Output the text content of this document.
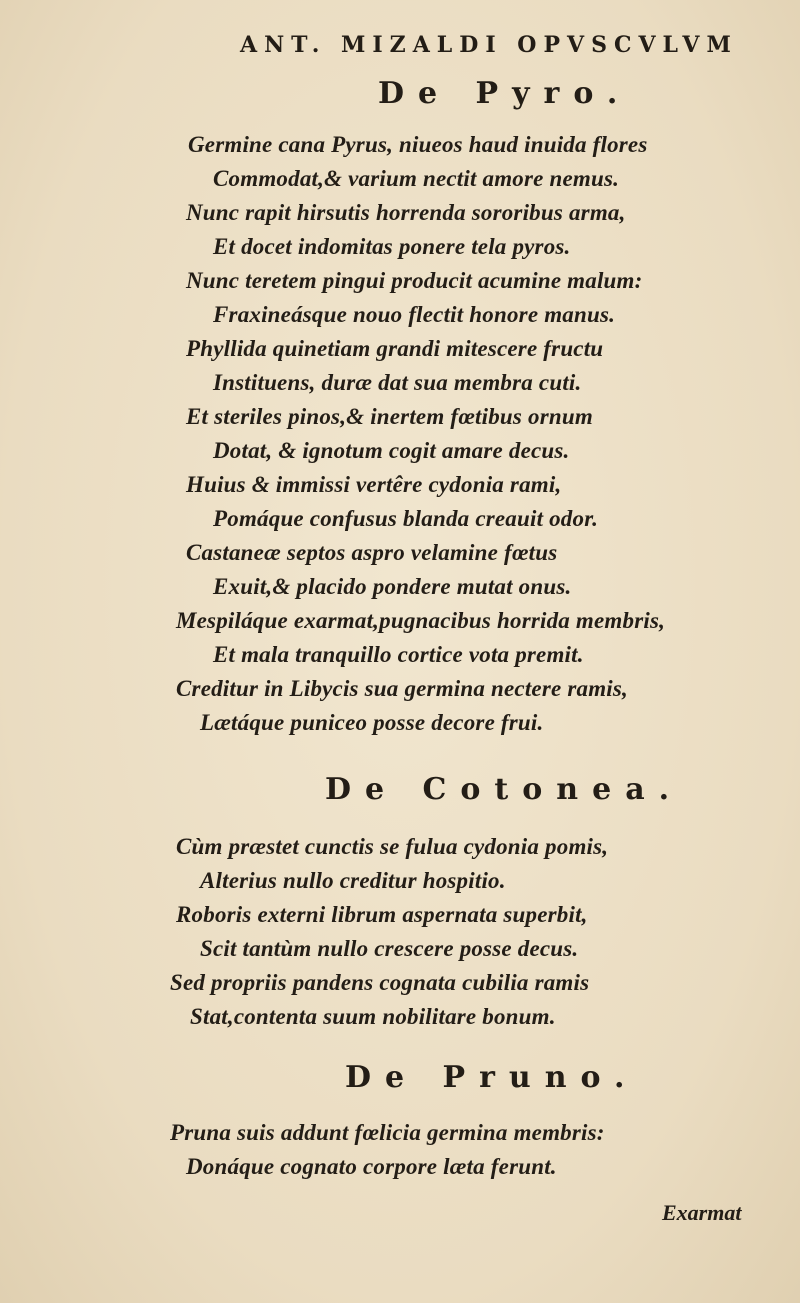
ANT. MIZALDI OPVSCVLVM
De Pyro.
Germine cana Pyrus, niueos haud inuida flores
Commodat,& varium nectit amore nemus.
Nunc rapit hirsutis horrenda sororibus arma,
Et docet indomitas ponere tela pyros.
Nunc teretem pingui producit acumine malum:
Fraxineásque nouo flectit honore manus.
Phyllida quinetiam grandi mitescere fructu
Instituens, duræ dat sua membra cuti.
Et steriles pinos,& inertem fœtibus ornum
Dotat, & ignotum cogit amare decus.
Huius & immissi vertêre cydonia rami,
Pomáque confusus blanda creauit odor.
Castaneæ septos aspro velamine fœtus
Exuit,& placido pondere mutat onus.
Mespiláque exarmat,pugnacibus horrida membris,
Et mala tranquillo cortice vota premit.
Creditur in Libycis sua germina nectere ramis,
Lætáque puniceo posse decore frui.
De Cotonea.
Cùm præstet cunctis se fulua cydonia pomis,
Alterius nullo creditur hospitio.
Roboris externi librum aspernata superbit,
Scit tantùm nullo crescere posse decus.
Sed propriis pandens cognata cubilia ramis
Stat,contenta suum nobilitare bonum.
De Pruno.
Pruna suis addunt fœlicia germina membris:
Donáque cognato corpore læta ferunt.
Exarmat
